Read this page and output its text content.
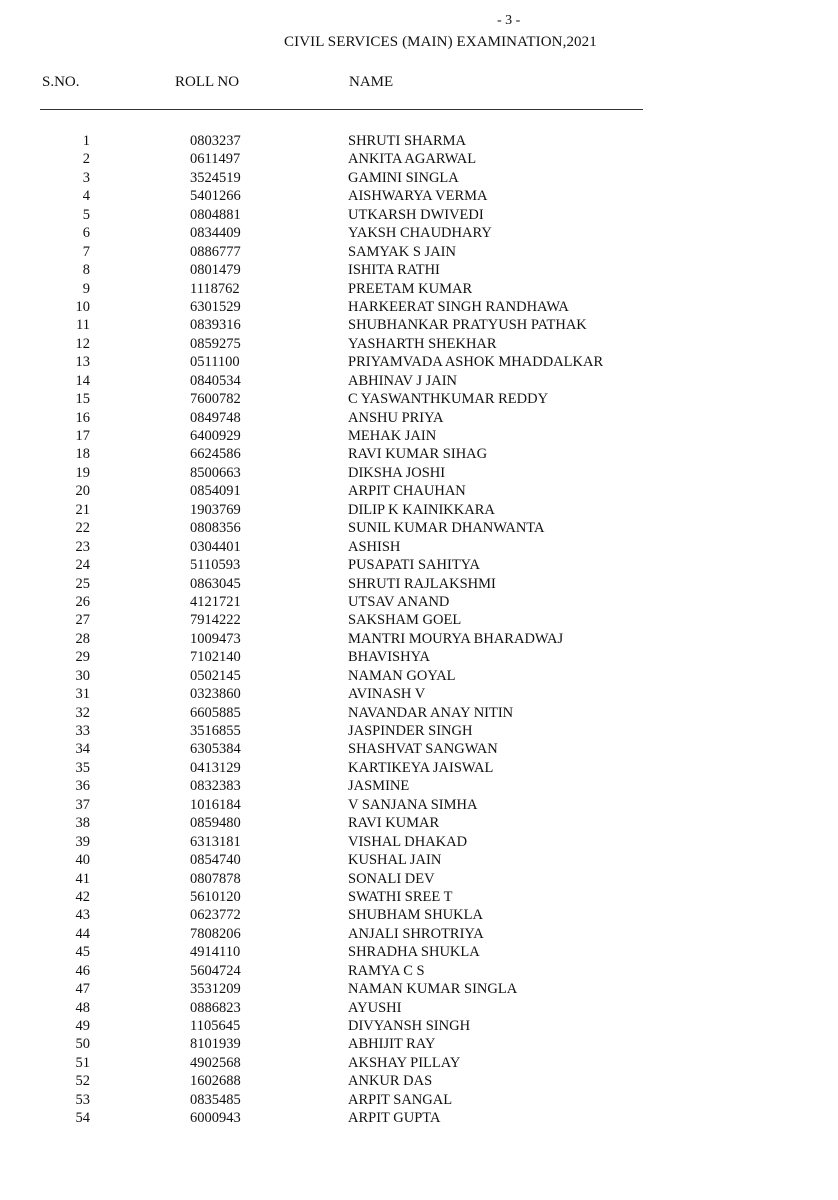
- 3 -
CIVIL SERVICES (MAIN) EXAMINATION,2021
S.NO.	ROLL NO	NAME
1	0803237	SHRUTI SHARMA
2	0611497	ANKITA AGARWAL
3	3524519	GAMINI SINGLA
4	5401266	AISHWARYA VERMA
5	0804881	UTKARSH DWIVEDI
6	0834409	YAKSH CHAUDHARY
7	0886777	SAMYAK S JAIN
8	0801479	ISHITA RATHI
9	1118762	PREETAM KUMAR
10	6301529	HARKEERAT SINGH RANDHAWA
11	0839316	SHUBHANKAR PRATYUSH PATHAK
12	0859275	YASHARTH SHEKHAR
13	0511100	PRIYAMVADA ASHOK MHADDALKAR
14	0840534	ABHINAV J JAIN
15	7600782	C YASWANTHKUMAR REDDY
16	0849748	ANSHU PRIYA
17	6400929	MEHAK JAIN
18	6624586	RAVI KUMAR SIHAG
19	8500663	DIKSHA JOSHI
20	0854091	ARPIT CHAUHAN
21	1903769	DILIP K KAINIKKARA
22	0808356	SUNIL KUMAR DHANWANTA
23	0304401	ASHISH
24	5110593	PUSAPATI SAHITYA
25	0863045	SHRUTI RAJLAKSHMI
26	4121721	UTSAV ANAND
27	7914222	SAKSHAM GOEL
28	1009473	MANTRI MOURYA BHARADWAJ
29	7102140	BHAVISHYA
30	0502145	NAMAN GOYAL
31	0323860	AVINASH V
32	6605885	NAVANDAR ANAY NITIN
33	3516855	JASPINDER SINGH
34	6305384	SHASHVAT SANGWAN
35	0413129	KARTIKEYA JAISWAL
36	0832383	JASMINE
37	1016184	V SANJANA SIMHA
38	0859480	RAVI KUMAR
39	6313181	VISHAL DHAKAD
40	0854740	KUSHAL JAIN
41	0807878	SONALI DEV
42	5610120	SWATHI SREE T
43	0623772	SHUBHAM SHUKLA
44	7808206	ANJALI SHROTRIYA
45	4914110	SHRADHA SHUKLA
46	5604724	RAMYA C S
47	3531209	NAMAN KUMAR SINGLA
48	0886823	AYUSHI
49	1105645	DIVYANSH SINGH
50	8101939	ABHIJIT RAY
51	4902568	AKSHAY PILLAY
52	1602688	ANKUR DAS
53	0835485	ARPIT SANGAL
54	6000943	ARPIT GUPTA
